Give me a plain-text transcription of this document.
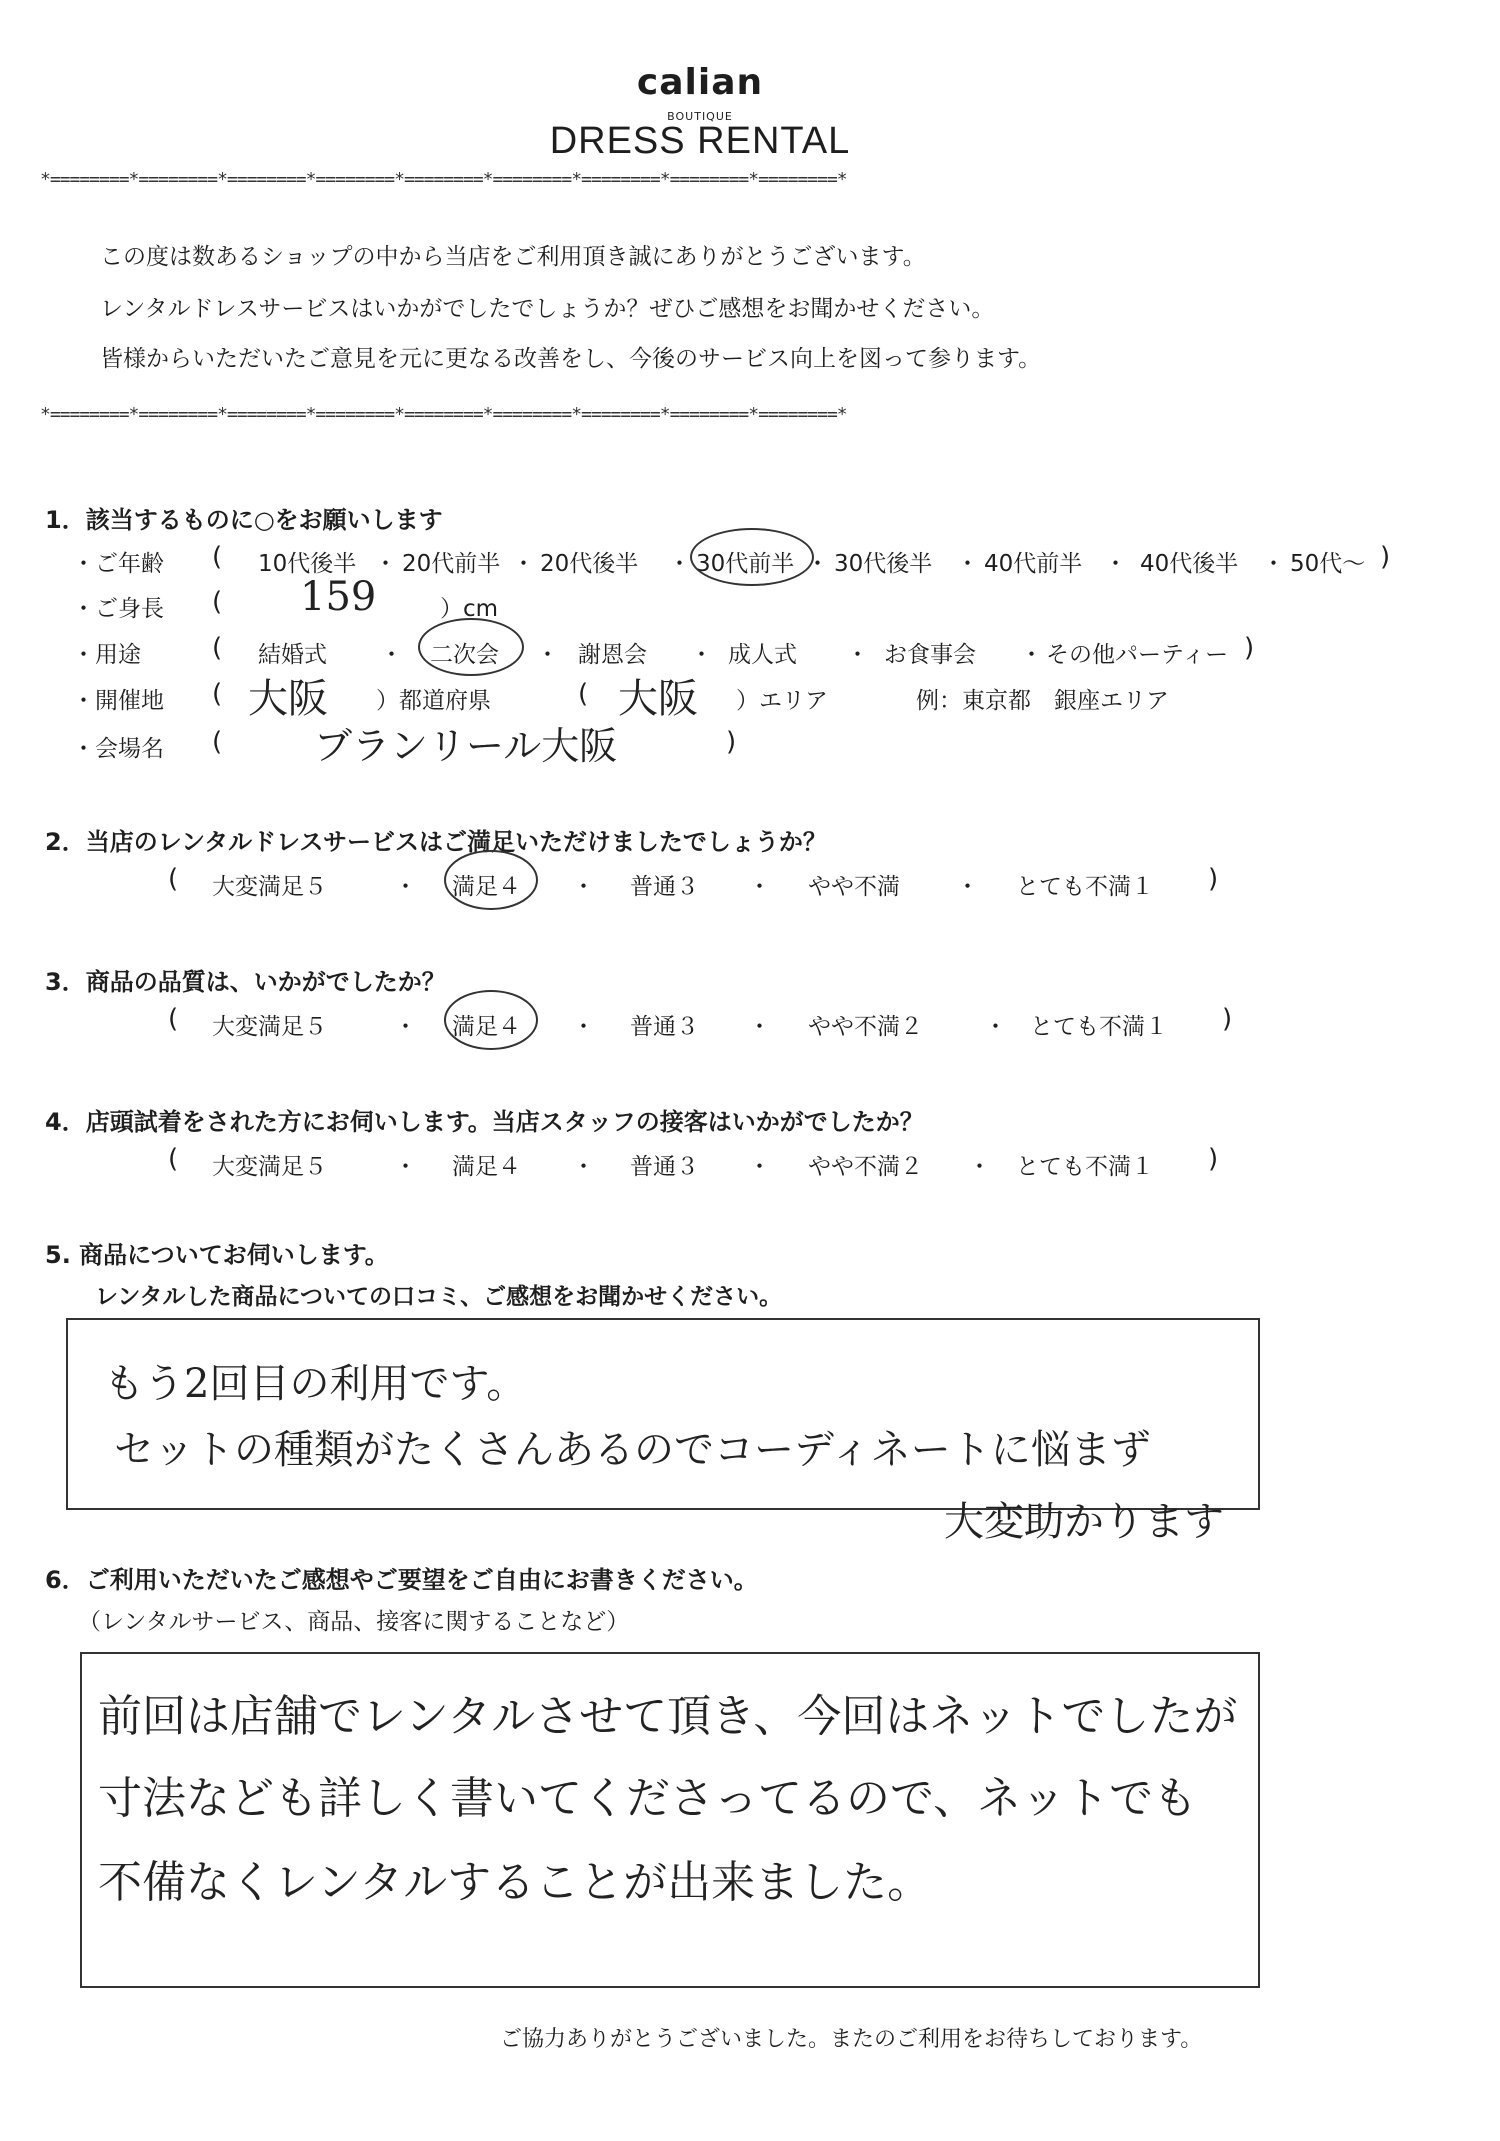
calian
BOUTIQUE
DRESS RENTAL
*========*========*========*========*========*========*========*========*========*
この度は数あるショップの中から当店をご利用頂き誠にありがとうございます。
レンタルドレスサービスはいかがでしたでしょうか？ぜひご感想をお聞かせください。
皆様からいただいたご意見を元に更なる改善をし、今後のサービス向上を図って参ります。
*========*========*========*========*========*========*========*========*========*
1．該当するものに○をお願いします
・ご年齢 ( 10代後半 ・ 20代前半 ・ 20代後半 ・ 30代前半 ・ 30代後半 ・ 40代前半 ・ 40代後半 ・ 50代～ )
・ご身長 ( 159	）cm
・用途	( 結婚式 ・ 二次会 ・ 謝恩会 ・ 成人式 ・ お食事会 ・ その他パーティー )
・開催地 ( 大阪 ）都道府県	( 大阪 ）エリア	例：東京都　銀座エリア
・会場名 ( ブランリール大阪	)
2．当店のレンタルドレスサービスはご満足いただけましたでしょうか？
( 大変満足５	・ 満足４ ・ 普通３ ・ やや不満 ・ とても不満１ )
3．商品の品質は、いかがでしたか？
( 大変満足５	・ 満足４ ・ 普通３ ・ やや不満２	・ とても不満１ )
4．店頭試着をされた方にお伺いします。当店スタッフの接客はいかがでしたか？
( 大変満足５	・ 満足４ ・ 普通３ ・ やや不満２ ・ とても不満１ )
5. 商品についてお伺いします。
レンタルした商品についての口コミ、ご感想をお聞かせください。
もう2回目の利用です。
セットの種類がたくさんあるのでコーディネートに悩まず
大変助かります
6．ご利用いただいたご感想やご要望をご自由にお書きください。
（レンタルサービス、商品、接客に関することなど）
前回は店舗でレンタルさせて頂き、今回はネットでしたが
寸法なども詳しく書いてくださってるので、ネットでも
不備なくレンタルすることが出来ました。
ご協力ありがとうございました。またのご利用をお待ちしております。
